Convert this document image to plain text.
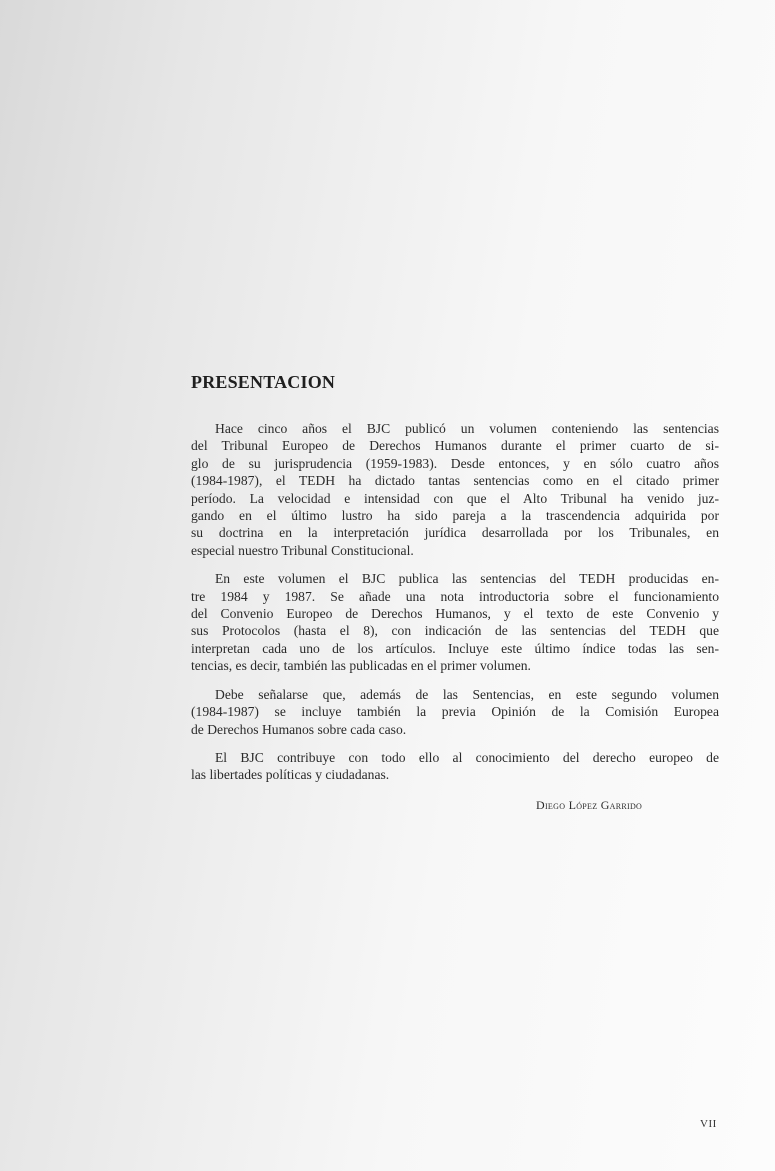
PRESENTACION

Hace cinco años el BJC publicó un volumen conteniendo las sentencias
del Tribunal Europeo de Derechos Humanos durante el primer cuarto de si-
glo de su jurisprudencia (1959-1983). Desde entonces, y en sólo cuatro años
(1984-1987), el TEDH ha dictado tantas sentencias como en el citado primer
período. La velocidad e intensidad con que el Alto Tribunal ha venido juz-
gando en el último lustro ha sido pareja a la trascendencia adquirida por
su doctrina en la interpretación jurídica desarrollada por los Tribunales, en
especial nuestro Tribunal Constitucional.

En este volumen el BJC publica las sentencias del TEDH producidas en-
tre 1984 y 1987. Se añade una nota introductoria sobre el funcionamiento
del Convenio Europeo de Derechos Humanos, y el texto de este Convenio y
sus Protocolos (hasta el 8), con indicación de las sentencias del TEDH que
interpretan cada uno de los artículos. Incluye este último índice todas las sen-
tencias, es decir, también las publicadas en el primer volumen.

Debe señalarse que, además de las Sentencias, en este segundo volumen
(1984-1987) se incluye también la previa Opinión de la Comisión Europea
de Derechos Humanos sobre cada caso.

El BJC contribuye con todo ello al conocimiento del derecho europeo de
las libertades políticas y ciudadanas.

Diego López Garrido
VII
